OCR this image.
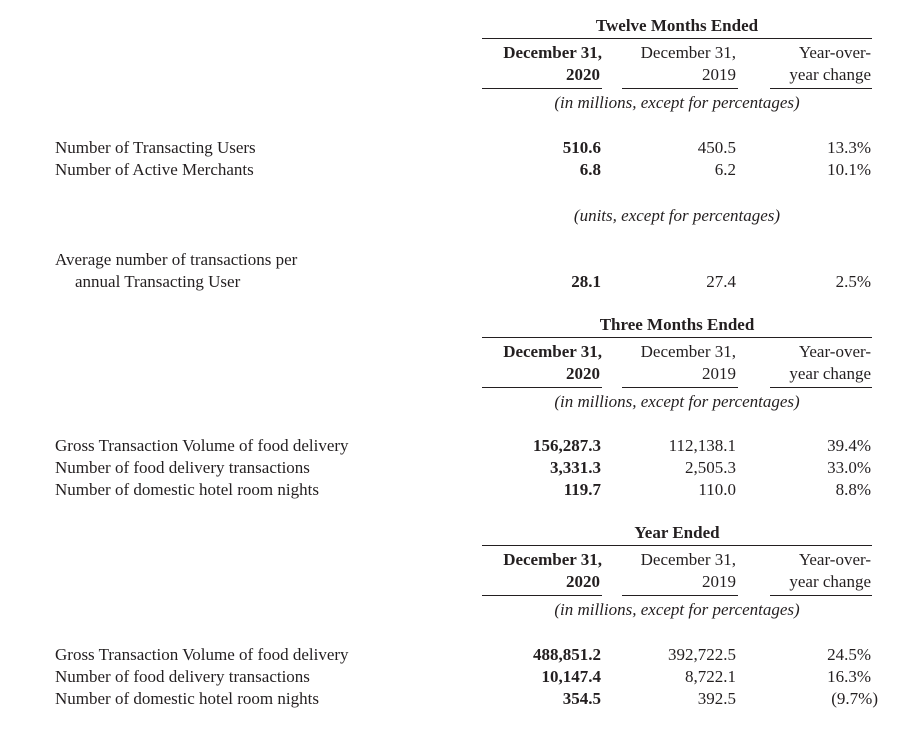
Twelve Months Ended
December 31,
2020
December 31,
2019
Year-over-
year change
(in millions, except for percentages)
Number of Transacting Users	510.6	450.5	13.3%
Number of Active Merchants	6.8	6.2	10.1%
(units, except for percentages)
Average number of transactions per
annual Transacting User	28.1	27.4	2.5%
Three Months Ended
December 31,
2020
December 31,
2019
Year-over-
year change
(in millions, except for percentages)
Gross Transaction Volume of food delivery	156,287.3	112,138.1	39.4%
Number of food delivery transactions	3,331.3	2,505.3	33.0%
Number of domestic hotel room nights	119.7	110.0	8.8%
Year Ended
December 31,
2020
December 31,
2019
Year-over-
year change
(in millions, except for percentages)
Gross Transaction Volume of food delivery	488,851.2	392,722.5	24.5%
Number of food delivery transactions	10,147.4	8,722.1	16.3%
Number of domestic hotel room nights	354.5	392.5	(9.7%)
